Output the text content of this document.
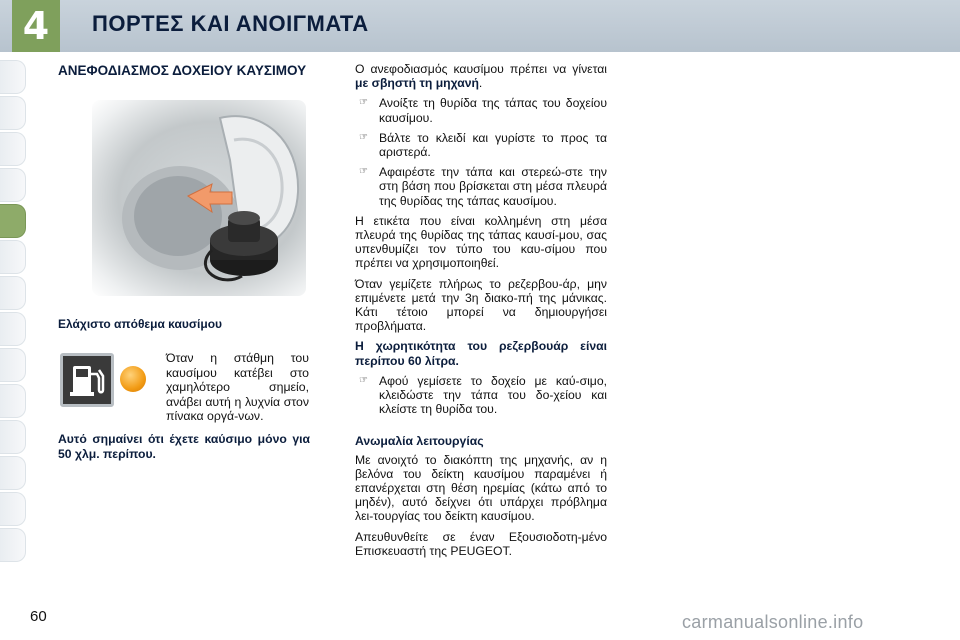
4	ΠΟΡΤΕΣ ΚΑΙ ΑΝΟΙΓΜΑΤΑ
ΑΝΕΦΟΔΙΑΣΜΟΣ ΔΟΧΕΙΟΥ ΚΑΥΣΙΜΟΥ
Ελάχιστο απόθεμα καυσίμου
Όταν η στάθμη του καυσίμου κατέβει στο χαμηλότερο σημείο, ανάβει αυτή η λυχνία στον πίνακα οργά-νων.
Αυτό σημαίνει ότι έχετε καύσιμο μόνο για 50 χλμ. περίπου.

Ο ανεφοδιασμός καυσίμου πρέπει να γίνεται με σβηστή τη μηχανή.

☞ Ανοίξτε τη θυρίδα της τάπας του δοχείου καυσίμου.
☞ Βάλτε το κλειδί και γυρίστε το προς τα αριστερά.
☞ Αφαιρέστε την τάπα και στερεώ-στε την στη βάση που βρίσκεται στη μέσα πλευρά της θυρίδας της τάπας καυσίμου.

Η ετικέτα που είναι κολλημένη στη μέσα πλευρά της θυρίδας της τάπας καυσί-μου, σας υπενθυμίζει τον τύπο του καυ-σίμου που πρέπει να χρησιμοποιηθεί.

Όταν γεμίζετε πλήρως το ρεζερβου-άρ, μην επιμένετε μετά την 3η διακο-πή της μάνικας. Κάτι τέτοιο μπορεί να δημιουργήσει προβλήματα.

Η χωρητικότητα του ρεζερβουάρ είναι περίπου 60 λίτρα.

☞ Αφού γεμίσετε το δοχείο με καύ-σιμο, κλειδώστε την τάπα του δο-χείου και κλείστε τη θυρίδα του.

Ανωμαλία λειτουργίας

Με ανοιχτό το διακόπτη της μηχανής, αν η βελόνα του δείκτη καυσίμου παραμένει ή επανέρχεται στη θέση ηρεμίας (κάτω από το μηδέν), αυτό δείχνει ότι υπάρχει πρόβλημα λει-τουργίας του δείκτη καυσίμου.

Απευθυνθείτε σε έναν Εξουσιοδοτη-μένο Επισκευαστή της PEUGEOT.

60	carmanualsonline.info
